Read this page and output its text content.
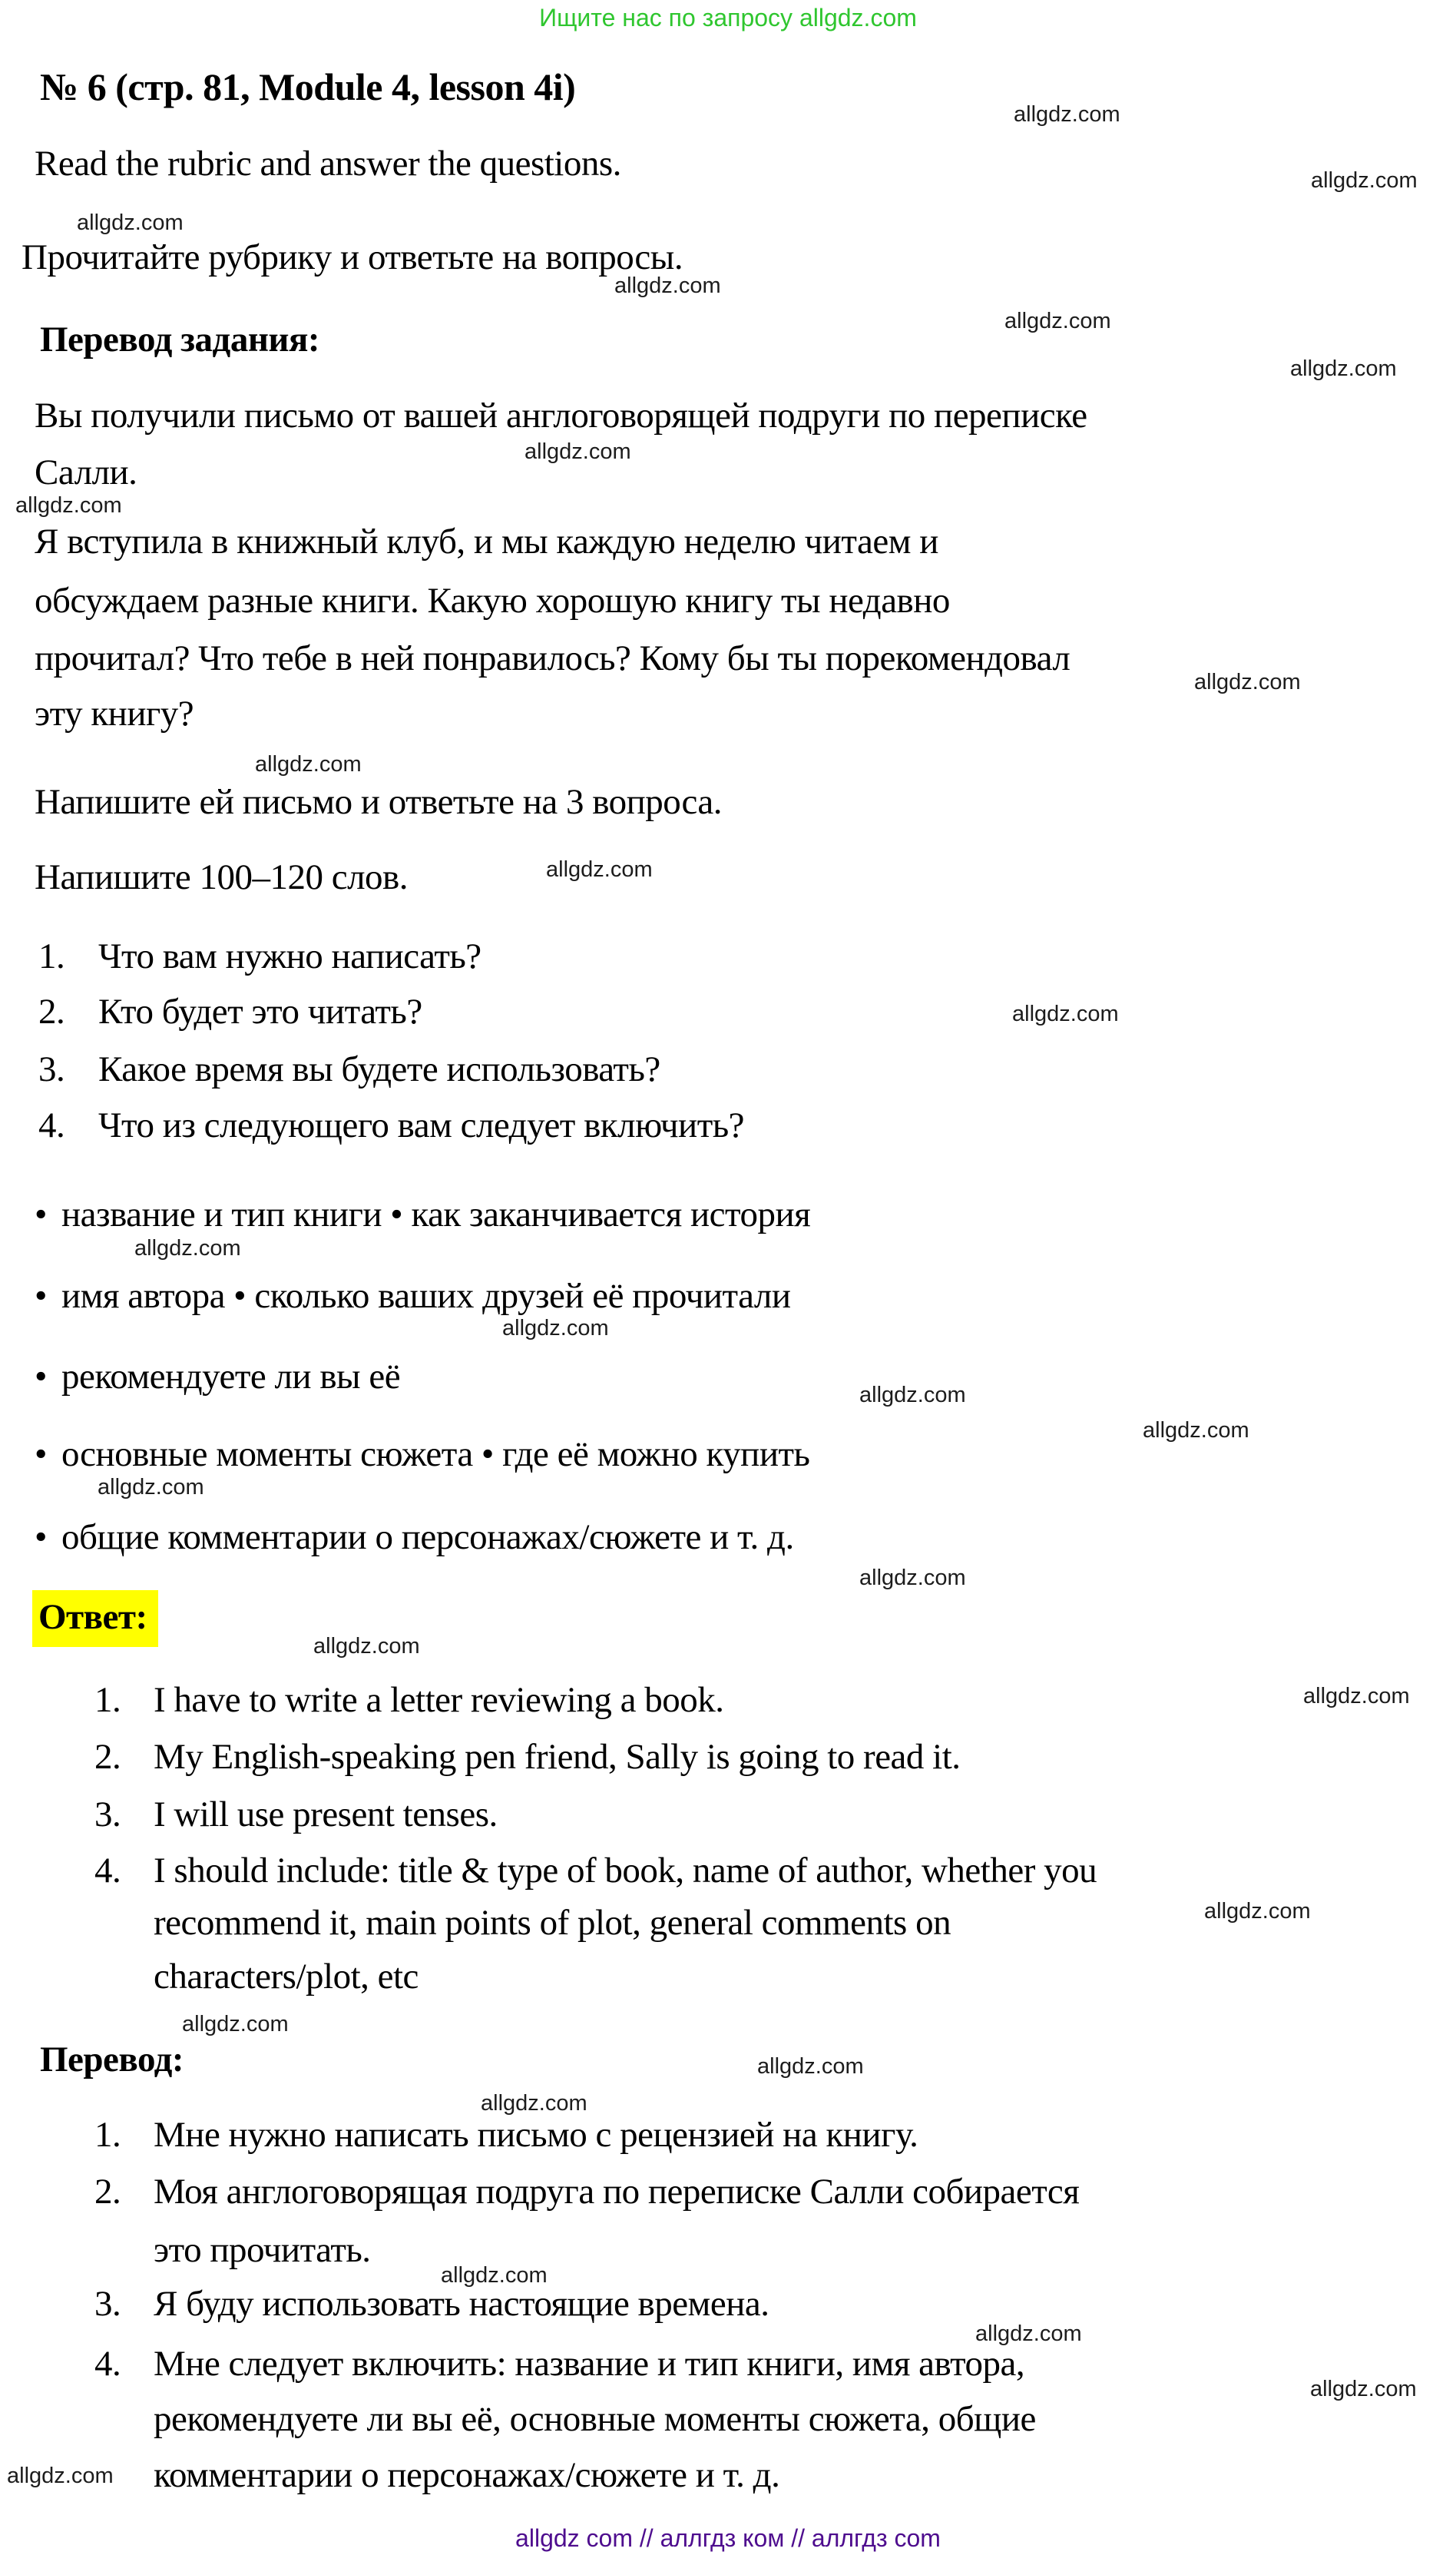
Ищите нас по запросу allgdz.com
№ 6 (стр. 81, Module 4, lesson 4i)
Read the rubric and answer the questions.
Прочитайте рубрику и ответьте на вопросы.
Перевод задания:
Вы получили письмо от вашей англоговорящей подруги по переписке
Салли.
Я вступила в книжный клуб, и мы каждую неделю читаем и
обсуждаем разные книги. Какую хорошую книгу ты недавно
прочитал? Что тебе в ней понравилось? Кому бы ты порекомендовал
эту книгу?
Напишите ей письмо и ответьте на 3 вопроса.
Напишите 100–120 слов.
1. Что вам нужно написать?
2. Кто будет это читать?
3. Какое время вы будете использовать?
4. Что из следующего вам следует включить?
• название и тип книги • как заканчивается история
• имя автора • сколько ваших друзей её прочитали
• рекомендуете ли вы её
• основные моменты сюжета • где её можно купить
• общие комментарии о персонажах/сюжете и т. д.
Ответ:
1. I have to write a letter reviewing a book.
2. My English-speaking pen friend, Sally is going to read it.
3. I will use present tenses.
4. I should include: title & type of book, name of author, whether you
recommend it, main points of plot, general comments on
characters/plot, etc
Перевод:
1. Мне нужно написать письмо с рецензией на книгу.
2. Моя англоговорящая подруга по переписке Салли собирается
это прочитать.
3. Я буду использовать настоящие времена.
4. Мне следует включить: название и тип книги, имя автора,
рекомендуете ли вы её, основные моменты сюжета, общие
комментарии о персонажах/сюжете и т. д.
allgdz com // аллгдз ком // аллгдз com
allgdz.com
allgdz.com
allgdz.com
allgdz.com
allgdz.com
allgdz.com
allgdz.com
allgdz.com
allgdz.com
allgdz.com
allgdz.com
allgdz.com
allgdz.com
allgdz.com
allgdz.com
allgdz.com
allgdz.com
allgdz.com
allgdz.com
allgdz.com
allgdz.com
allgdz.com
allgdz.com
allgdz.com
allgdz.com
allgdz.com
allgdz.com
allgdz.com
